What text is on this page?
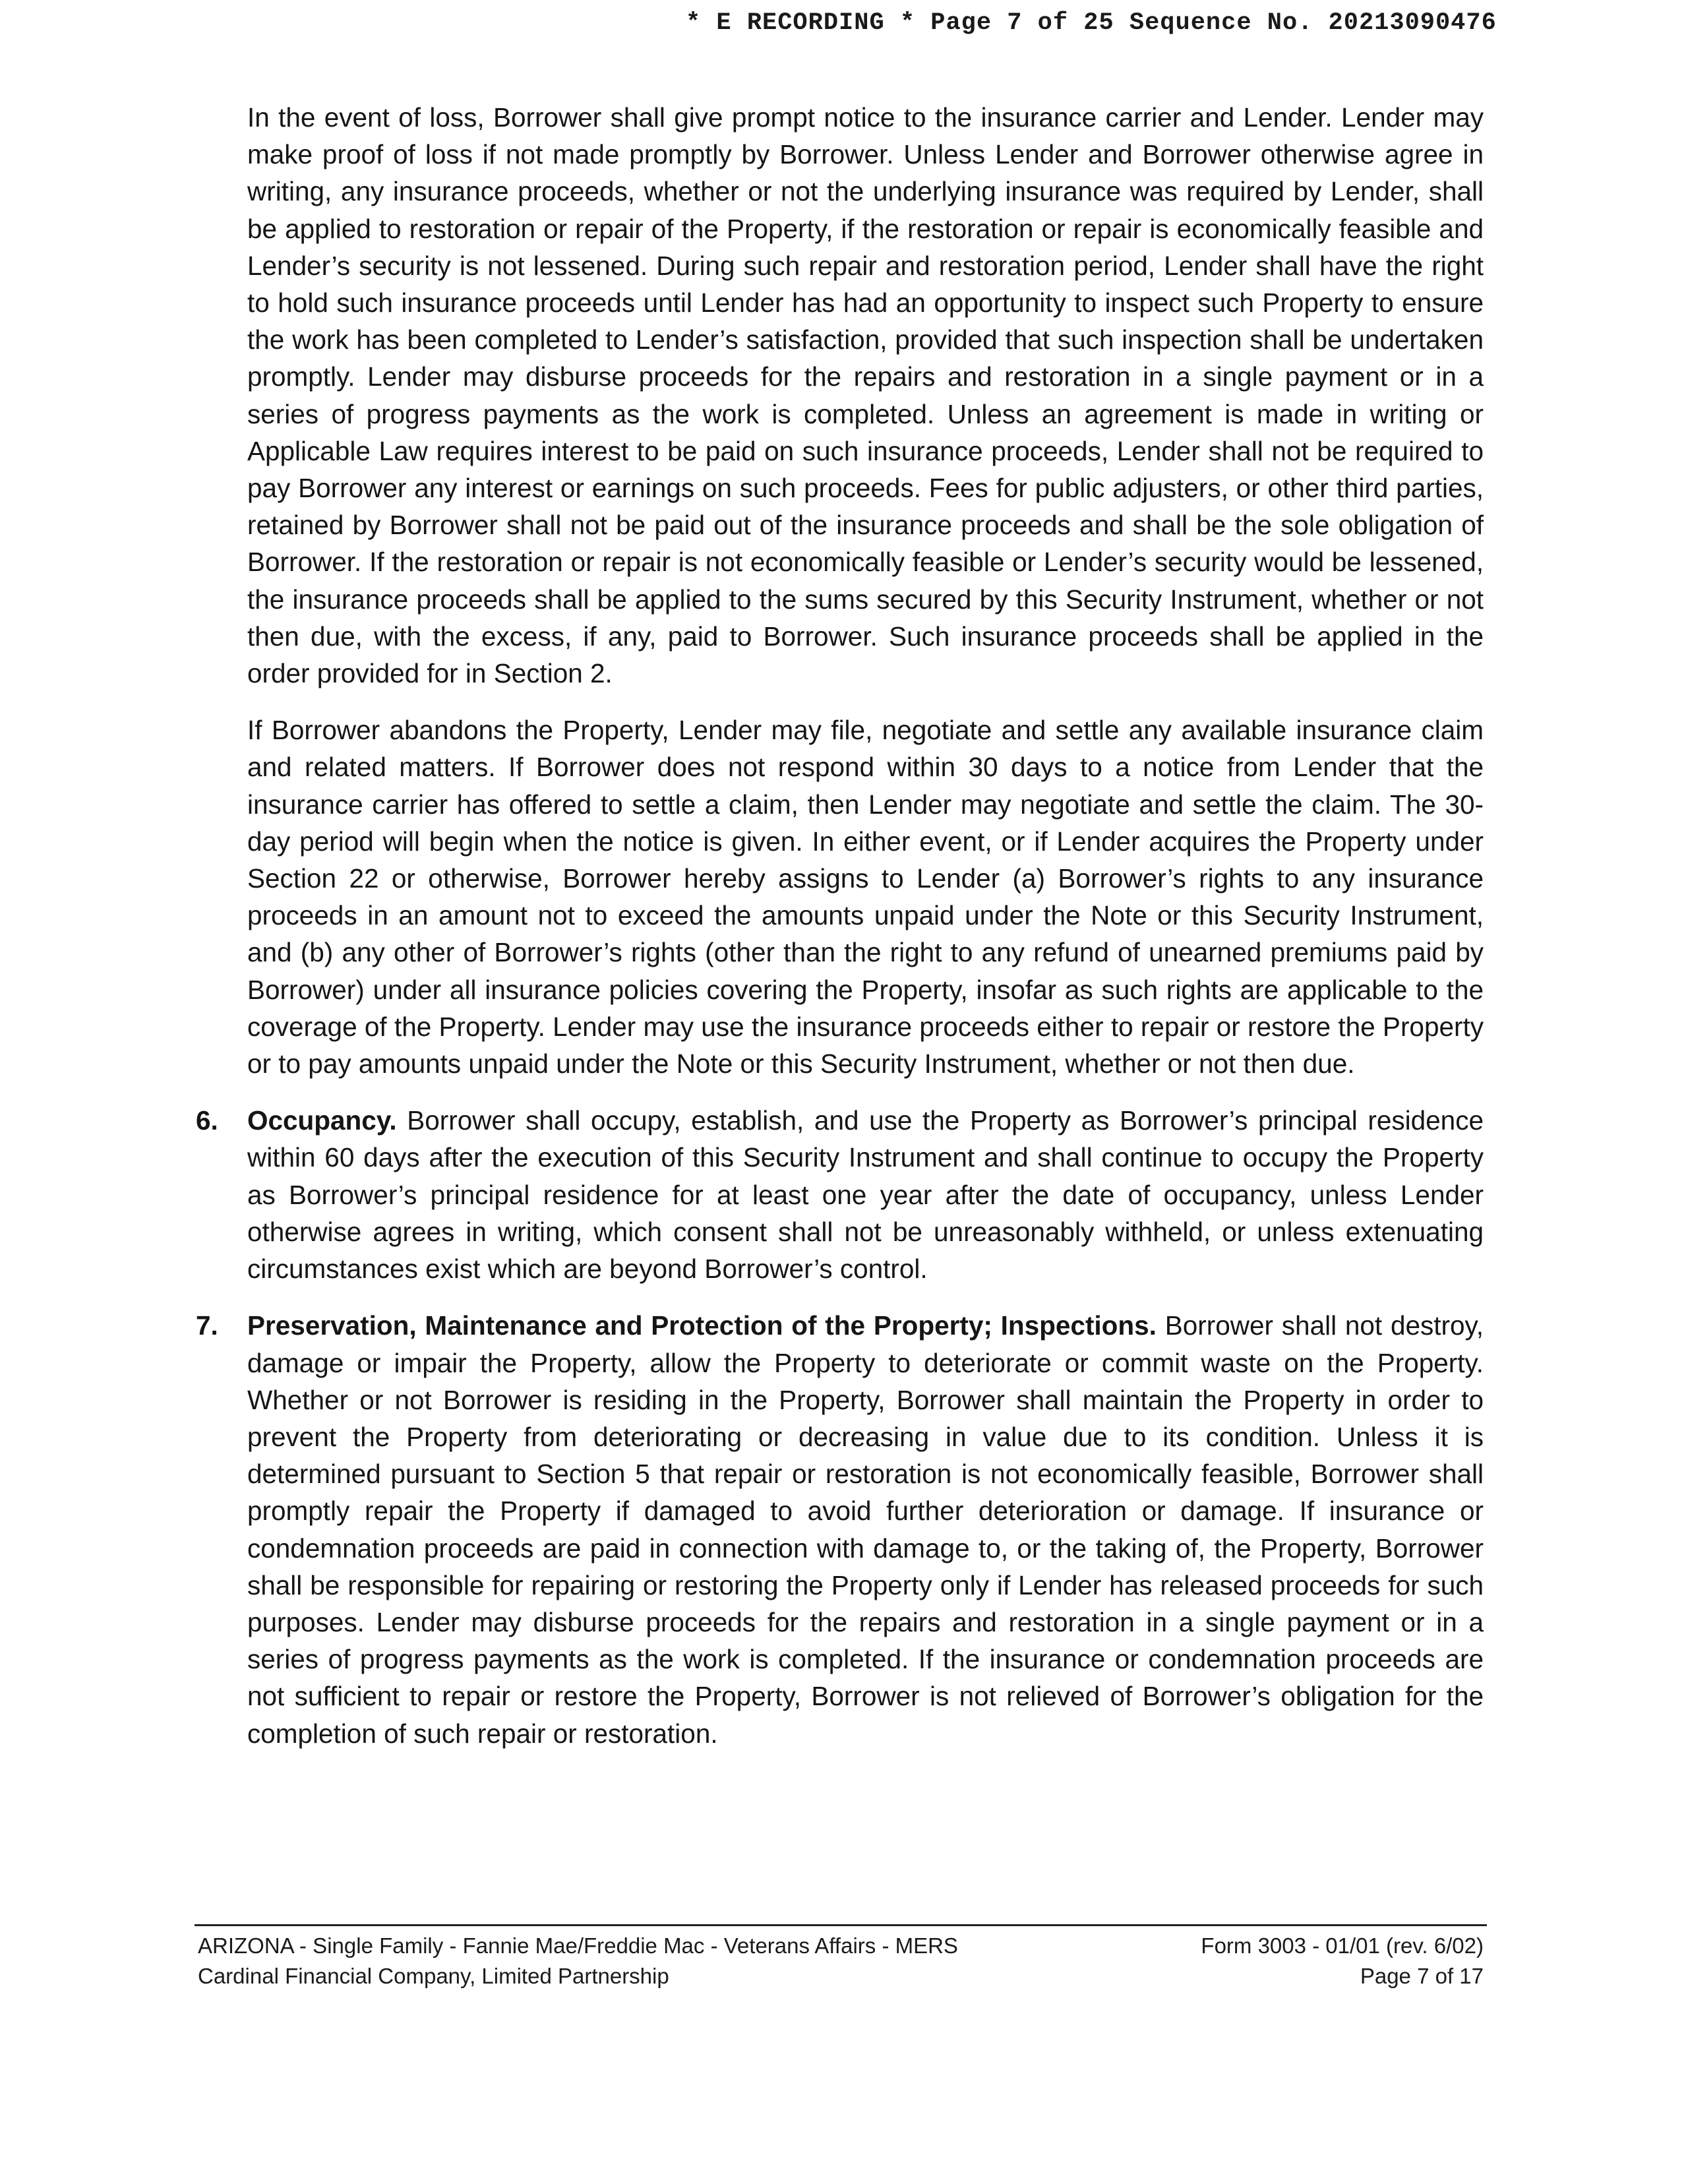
* E RECORDING * Page 7 of 25 Sequence No. 20213090476

In the event of loss, Borrower shall give prompt notice to the insurance carrier and Lender. Lender may make proof of loss if not made promptly by Borrower. Unless Lender and Borrower otherwise agree in writing, any insurance proceeds, whether or not the underlying insurance was required by Lender, shall be applied to restoration or repair of the Property, if the restoration or repair is economically feasible and Lender’s security is not lessened. During such repair and restoration period, Lender shall have the right to hold such insurance proceeds until Lender has had an opportunity to inspect such Property to ensure the work has been completed to Lender’s satisfaction, provided that such inspection shall be undertaken promptly. Lender may disburse proceeds for the repairs and restoration in a single payment or in a series of progress payments as the work is completed. Unless an agreement is made in writing or Applicable Law requires interest to be paid on such insurance proceeds, Lender shall not be required to pay Borrower any interest or earnings on such proceeds. Fees for public adjusters, or other third parties, retained by Borrower shall not be paid out of the insurance proceeds and shall be the sole obligation of Borrower. If the restoration or repair is not economically feasible or Lender’s security would be lessened, the insurance proceeds shall be applied to the sums secured by this Security Instrument, whether or not then due, with the excess, if any, paid to Borrower. Such insurance proceeds shall be applied in the order provided for in Section 2.

If Borrower abandons the Property, Lender may file, negotiate and settle any available insurance claim and related matters. If Borrower does not respond within 30 days to a notice from Lender that the insurance carrier has offered to settle a claim, then Lender may negotiate and settle the claim. The 30-day period will begin when the notice is given. In either event, or if Lender acquires the Property under Section 22 or otherwise, Borrower hereby assigns to Lender (a) Borrower’s rights to any insurance proceeds in an amount not to exceed the amounts unpaid under the Note or this Security Instrument, and (b) any other of Borrower’s rights (other than the right to any refund of unearned premiums paid by Borrower) under all insurance policies covering the Property, insofar as such rights are applicable to the coverage of the Property. Lender may use the insurance proceeds either to repair or restore the Property or to pay amounts unpaid under the Note or this Security Instrument, whether or not then due.

6. Occupancy. Borrower shall occupy, establish, and use the Property as Borrower’s principal residence within 60 days after the execution of this Security Instrument and shall continue to occupy the Property as Borrower’s principal residence for at least one year after the date of occupancy, unless Lender otherwise agrees in writing, which consent shall not be unreasonably withheld, or unless extenuating circumstances exist which are beyond Borrower’s control.
7. Preservation, Maintenance and Protection of the Property; Inspections. Borrower shall not destroy, damage or impair the Property, allow the Property to deteriorate or commit waste on the Property. Whether or not Borrower is residing in the Property, Borrower shall maintain the Property in order to prevent the Property from deteriorating or decreasing in value due to its condition. Unless it is determined pursuant to Section 5 that repair or restoration is not economically feasible, Borrower shall promptly repair the Property if damaged to avoid further deterioration or damage. If insurance or condemnation proceeds are paid in connection with damage to, or the taking of, the Property, Borrower shall be responsible for repairing or restoring the Property only if Lender has released proceeds for such purposes. Lender may disburse proceeds for the repairs and restoration in a single payment or in a series of progress payments as the work is completed. If the insurance or condemnation proceeds are not sufficient to repair or restore the Property, Borrower is not relieved of Borrower’s obligation for the completion of such repair or restoration.
ARIZONA - Single Family - Fannie Mae/Freddie Mac - Veterans Affairs - MERS	Form 3003 - 01/01 (rev. 6/02)
Cardinal Financial Company, Limited Partnership	Page 7 of 17
